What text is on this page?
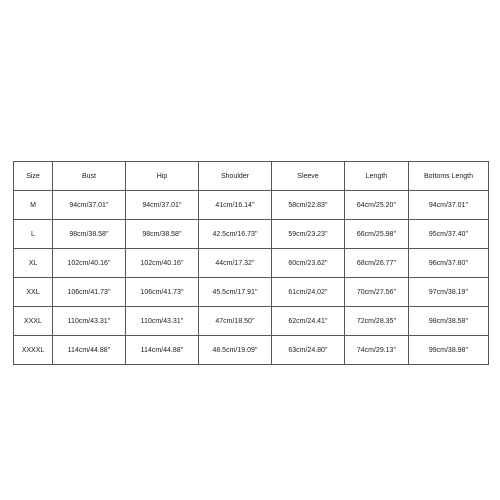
Size	Bust	Hip	Shoulder	Sleeve	Length	Bottoms Length
M	94cm/37.01''	94cm/37.01''	41cm/16.14''	58cm/22.83''	64cm/25.20''	94cm/37.01''
L	98cm/38.58''	98cm/38.58''	42.5cm/16.73''	59cm/23.23''	66cm/25.98''	95cm/37.40''
XL	102cm/40.16''	102cm/40.16''	44cm/17.32''	60cm/23.62''	68cm/26.77''	96cm/37.80''
XXL	106cm/41.73''	106cm/41.73''	45.5cm/17.91''	61cm/24.02''	70cm/27.56''	97cm/38.19''
XXXL	110cm/43.31''	110cm/43.31''	47cm/18.50''	62cm/24.41''	72cm/28.35''	98cm/38.58''
XXXXL	114cm/44.88''	114cm/44.88''	48.5cm/19.09''	63cm/24.80''	74cm/29.13''	99cm/38.98''
